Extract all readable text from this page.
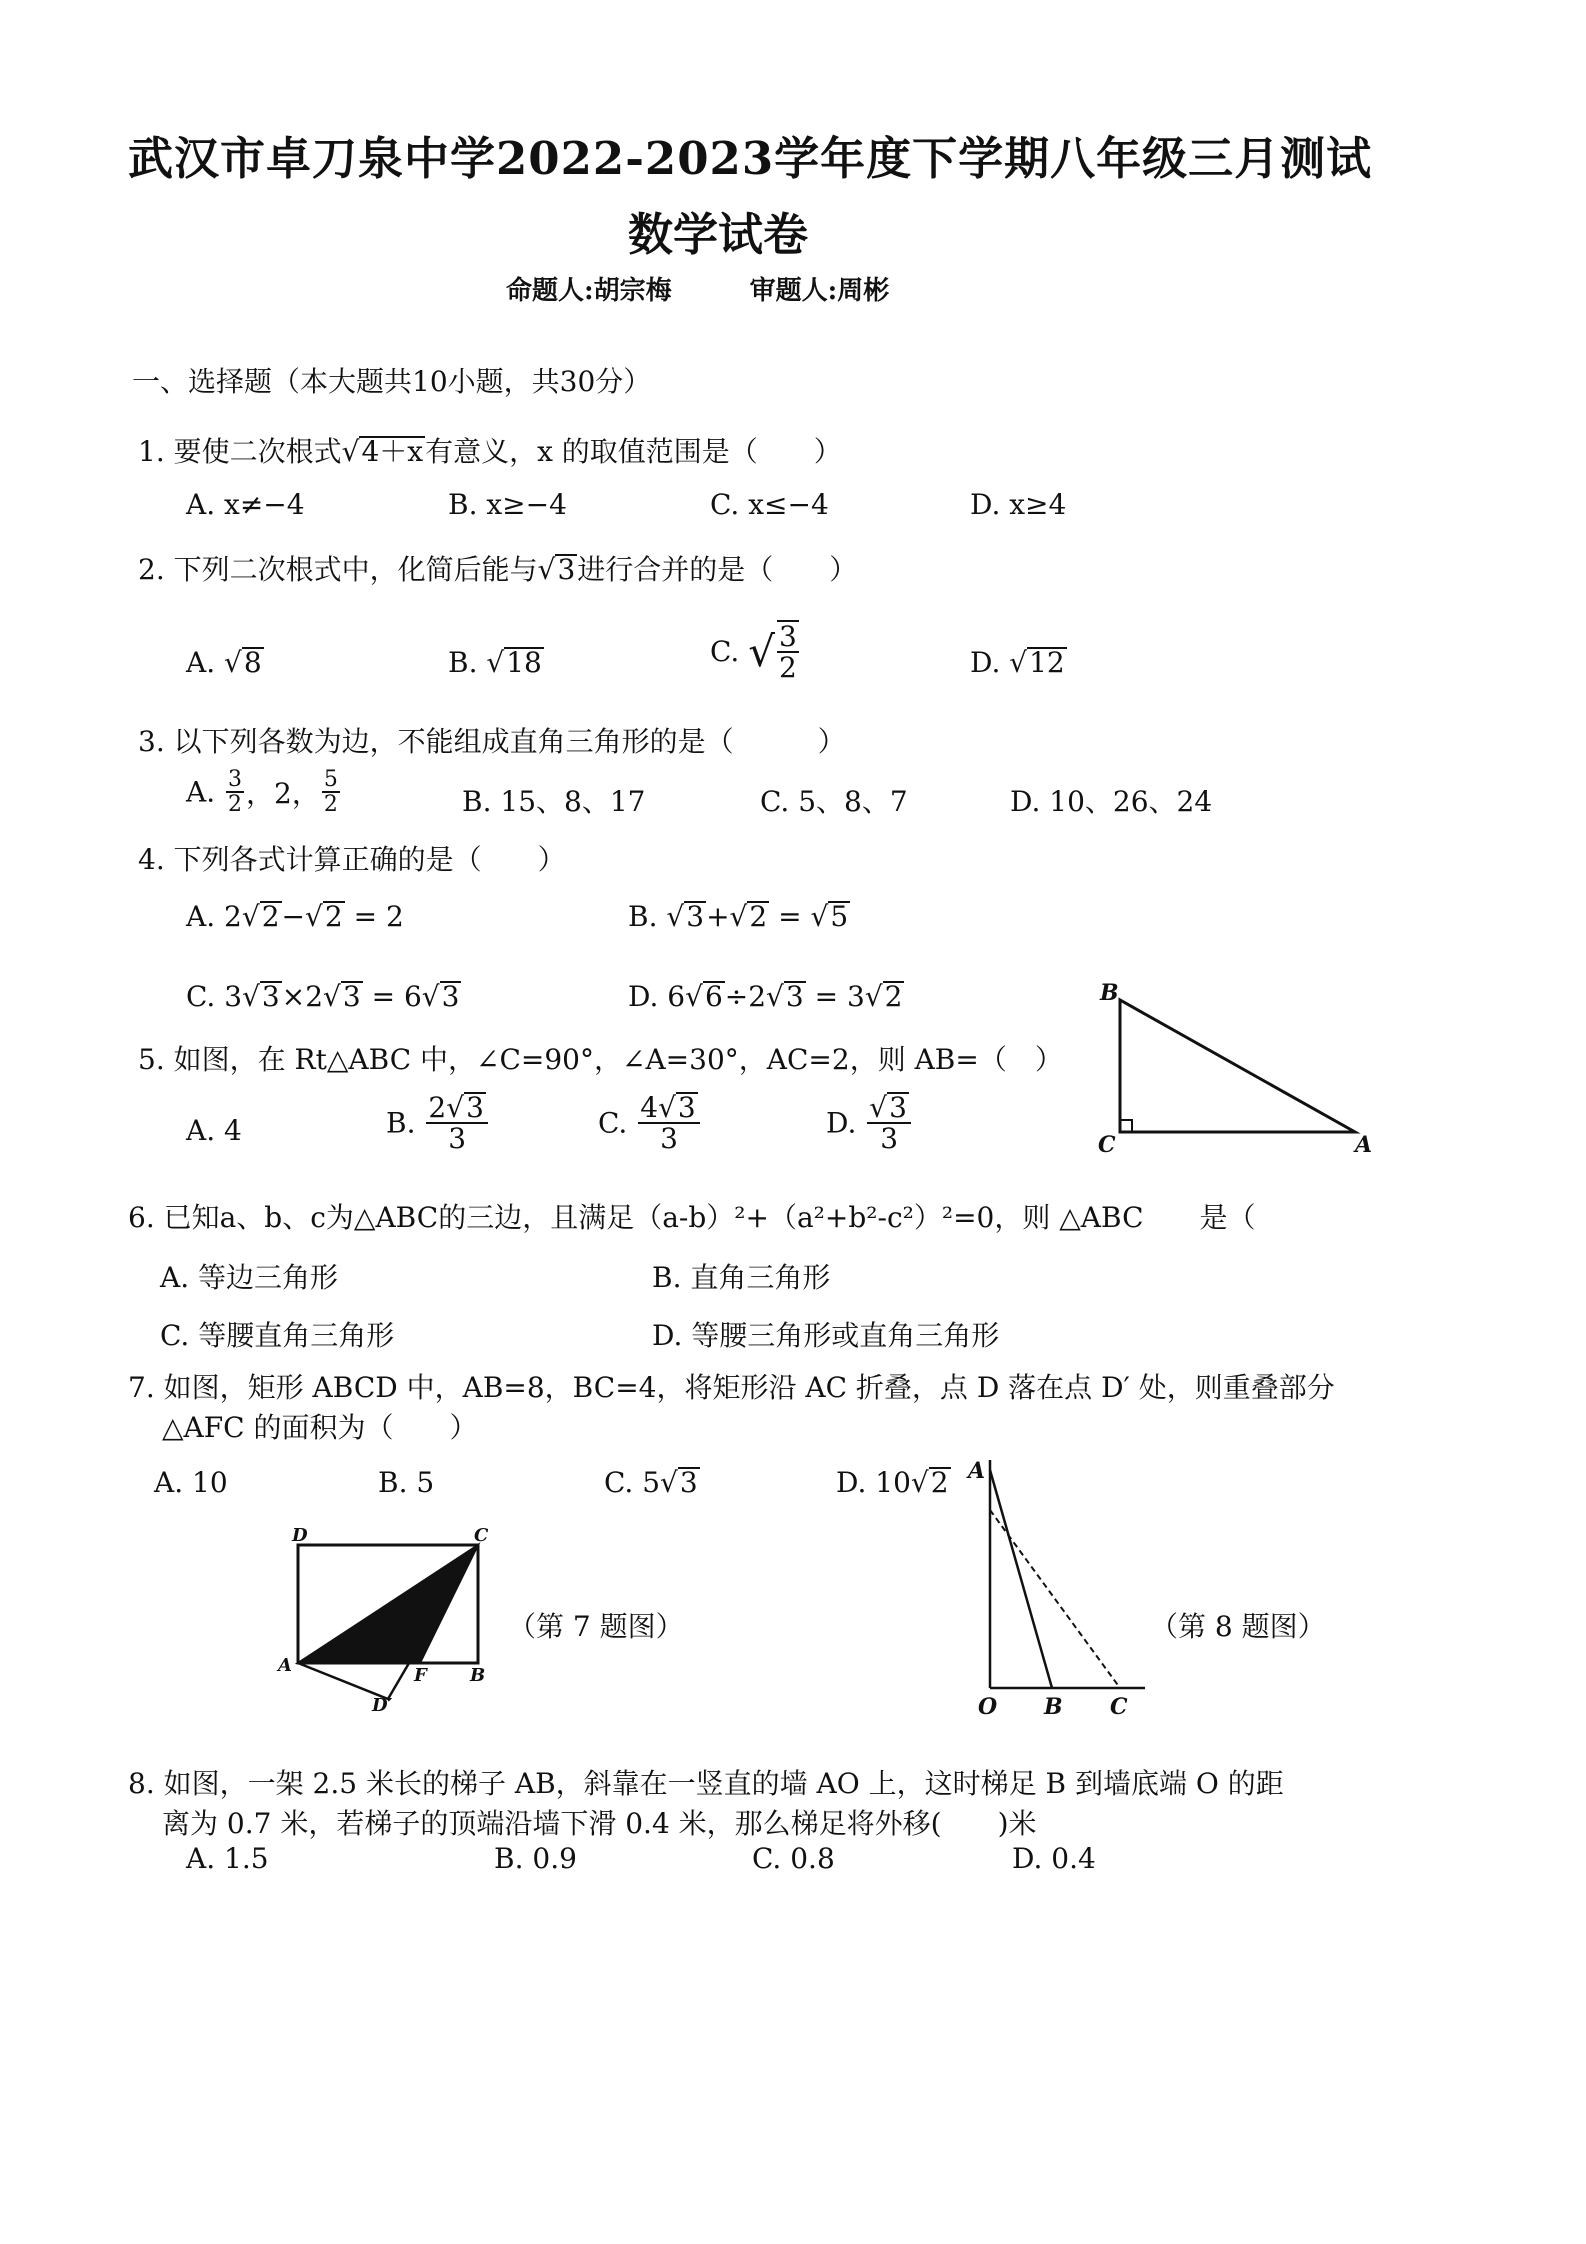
武汉市卓刀泉中学2022-2023学年度下学期八年级三月测试
数学试卷
命题人:胡宗梅　　　审题人:周彬
一、选择题（本大题共10小题，共30分）
1. 要使二次根式√4＋x有意义，x 的取值范围是（　　）
A. x≠−4	B. x≥−4	C. x≤−4	D. x≥4
2. 下列二次根式中，化简后能与√3进行合并的是（　　）
A. √8	B. √18	C. √ $\frac{3}{2}$	D. √12
3. 以下列各数为边，不能组成直角三角形的是（　　　）
A. $\frac{3}{2}$ ，2， $\frac{5}{2}$	B. 15、8、17	C. 5、8、7	D. 10、26、24
4. 下列各式计算正确的是（　　）
A. 2√2−√2 = 2	B. √3+√2 = √5
C. 3√3×2√3 = 6√3	D. 6√6÷2√3 = 3√2
5. 如图，在 Rt△ABC 中，∠C=90°，∠A=30°，AC=2，则 AB=（　）
A. 4	B. $\frac{2√3}{3}$	C. $\frac{4√3}{3}$	D. $\frac{√3}{3}$
B
C	A
6. 已知a、b、c为△ABC的三边，且满足（a-b）²+（a²+b²-c²）²=0，则 △ABC　　是（
A. 等边三角形	B. 直角三角形
C. 等腰直角三角形	D. 等腰三角形或直角三角形
7. 如图，矩形 ABCD 中，AB=8，BC=4，将矩形沿 AC 折叠，点 D 落在点 D′ 处，则重叠部分
△AFC 的面积为（　　）
A. 10	B. 5	C. 5√3	D. 10√2
D	C
A	F B
D′
（第 7 题图）
A
O B C
（第 8 题图）
8. 如图，一架 2.5 米长的梯子 AB，斜靠在一竖直的墙 AO 上，这时梯足 B 到墙底端 O 的距
离为 0.7 米，若梯子的顶端沿墙下滑 0.4 米，那么梯足将外移(　　)米
A. 1.5	B. 0.9	C. 0.8	D. 0.4
